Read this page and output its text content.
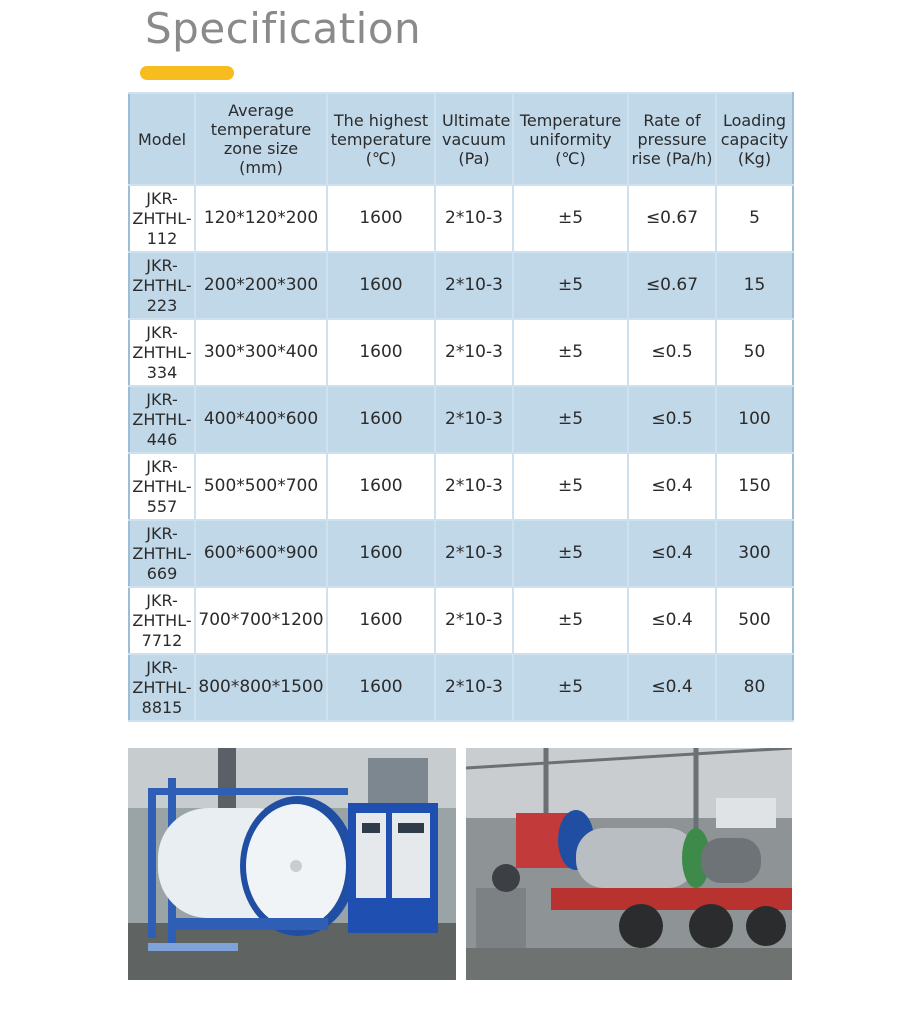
Specification
Model	Average temperature zone size (mm)	The highest temperature (℃)	Ultimate vacuum (Pa)	Temperature uniformity (℃)	Rate of pressure rise (Pa/h)	Loading capacity (Kg)
JKR-ZHTHL-112	120*120*200	1600	2*10-3	±5	≤0.67	5
JKR-ZHTHL-223	200*200*300	1600	2*10-3	±5	≤0.67	15
JKR-ZHTHL-334	300*300*400	1600	2*10-3	±5	≤0.5	50
JKR-ZHTHL-446	400*400*600	1600	2*10-3	±5	≤0.5	100
JKR-ZHTHL-557	500*500*700	1600	2*10-3	±5	≤0.4	150
JKR-ZHTHL-669	600*600*900	1600	2*10-3	±5	≤0.4	300
JKR-ZHTHL-7712	700*700*1200	1600	2*10-3	±5	≤0.4	500
JKR-ZHTHL-8815	800*800*1500	1600	2*10-3	±5	≤0.4	80
